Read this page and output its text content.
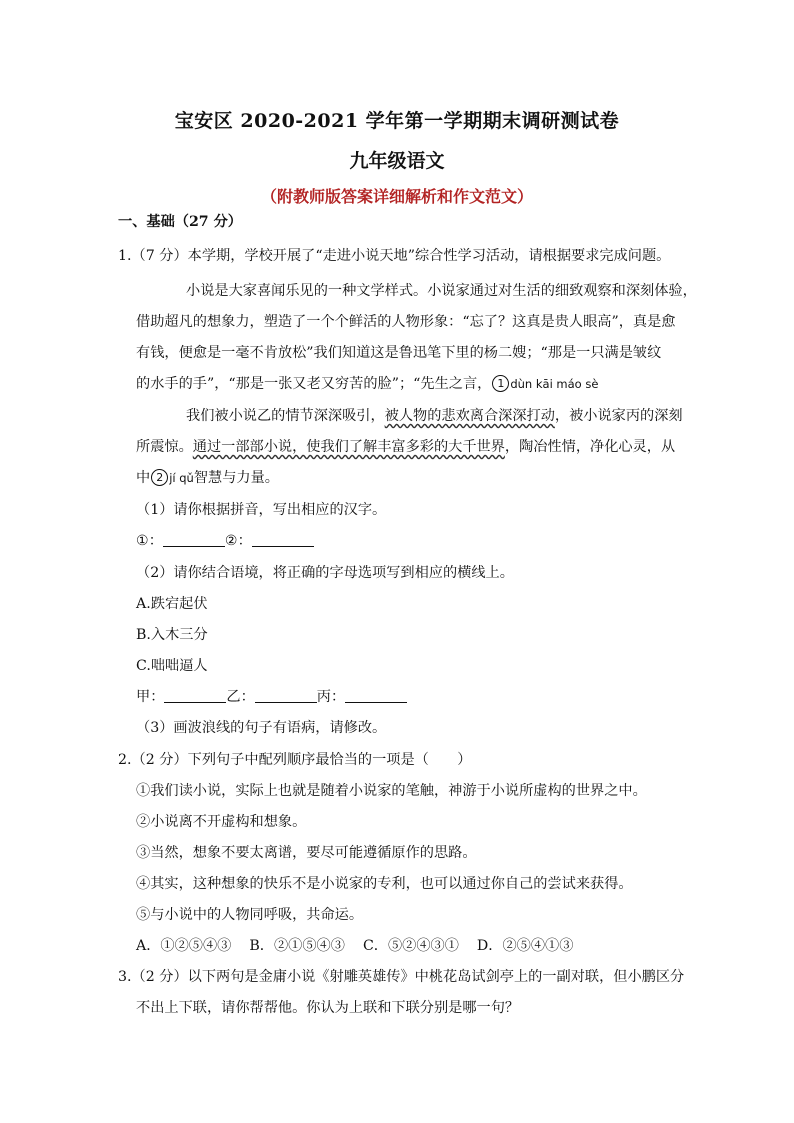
宝安区 2020-2021 学年第一学期期末调研测试卷
九年级语文
（附教师版答案详细解析和作文范文）
一、基础（27 分）
1.（7 分）本学期，学校开展了“走进小说天地”综合性学习活动，请根据要求完成问题。
小说是大家喜闻乐见的一种文学样式。小说家通过对生活的细致观察和深刻体验，
借助超凡的想象力，塑造了一个个鲜活的人物形象：“忘了？这真是贵人眼高”，真是愈
有钱，便愈是一毫不肯放松”我们知道这是鲁迅笔下里的杨二嫂；“那是一只满是皱纹
的水手的手”，“那是一张又老又穷苦的脸”；“先生之言， 1 dùn kāi máo sè
我们被小说乙的情节深深吸引，被人物的悲欢离合深深打动，被小说家丙的深刻
所震惊。通过一部部小说，使我们了解丰富多彩的大千世界，陶冶性情，净化心灵，从
中 2 jí qǔ智慧与力量。
（1）请你根据拼音，写出相应的汉字。
①：	②：
（2）请你结合语境，将正确的字母选项写到相应的横线上。
A.跌宕起伏
B.入木三分
C.咄咄逼人
甲：	乙：	丙：
（3）画波浪线的句子有语病，请修改。
2.（2 分）下列句子中配列顺序最恰当的一项是（　　）
①我们读小说，实际上也就是随着小说家的笔触，神游于小说所虚构的世界之中。
②小说离不开虚构和想象。
③当然，想象不要太离谱，要尽可能遵循原作的思路。
④其实，这种想象的快乐不是小说家的专利，也可以通过你自己的尝试来获得。
⑤与小说中的人物同呼吸，共命运。
A．①②⑤④③ B．②①⑤④③ C．⑤②④③① D．②⑤④①③
3.（2 分）以下两句是金庸小说《射雕英雄传》中桃花岛试剑亭上的一副对联，但小鹏区分
不出上下联，请你帮帮他。你认为上联和下联分别是哪一句？
